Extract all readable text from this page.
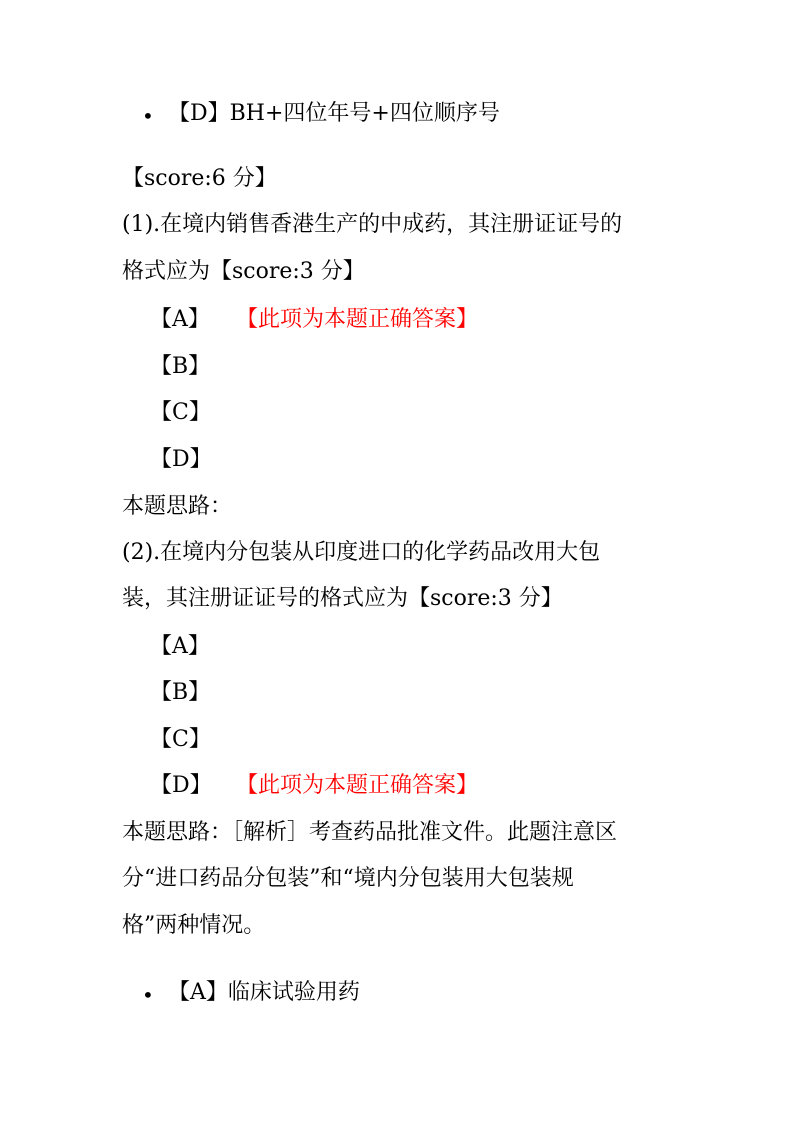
• 【D】BH+四位年号+四位顺序号
【score:6 分】
(1).在境内销售香港生产的中成药，其注册证证号的
格式应为【score:3 分】
【A】 【此项为本题正确答案】
【B】
【C】
【D】
本题思路：
(2).在境内分包装从印度进口的化学药品改用大包
装，其注册证证号的格式应为【score:3 分】
【A】
【B】
【C】
【D】 【此项为本题正确答案】
本题思路：［解析］考查药品批准文件。此题注意区
分“进口药品分包装”和“境内分包装用大包装规
格”两种情况。
• 【A】临床试验用药
